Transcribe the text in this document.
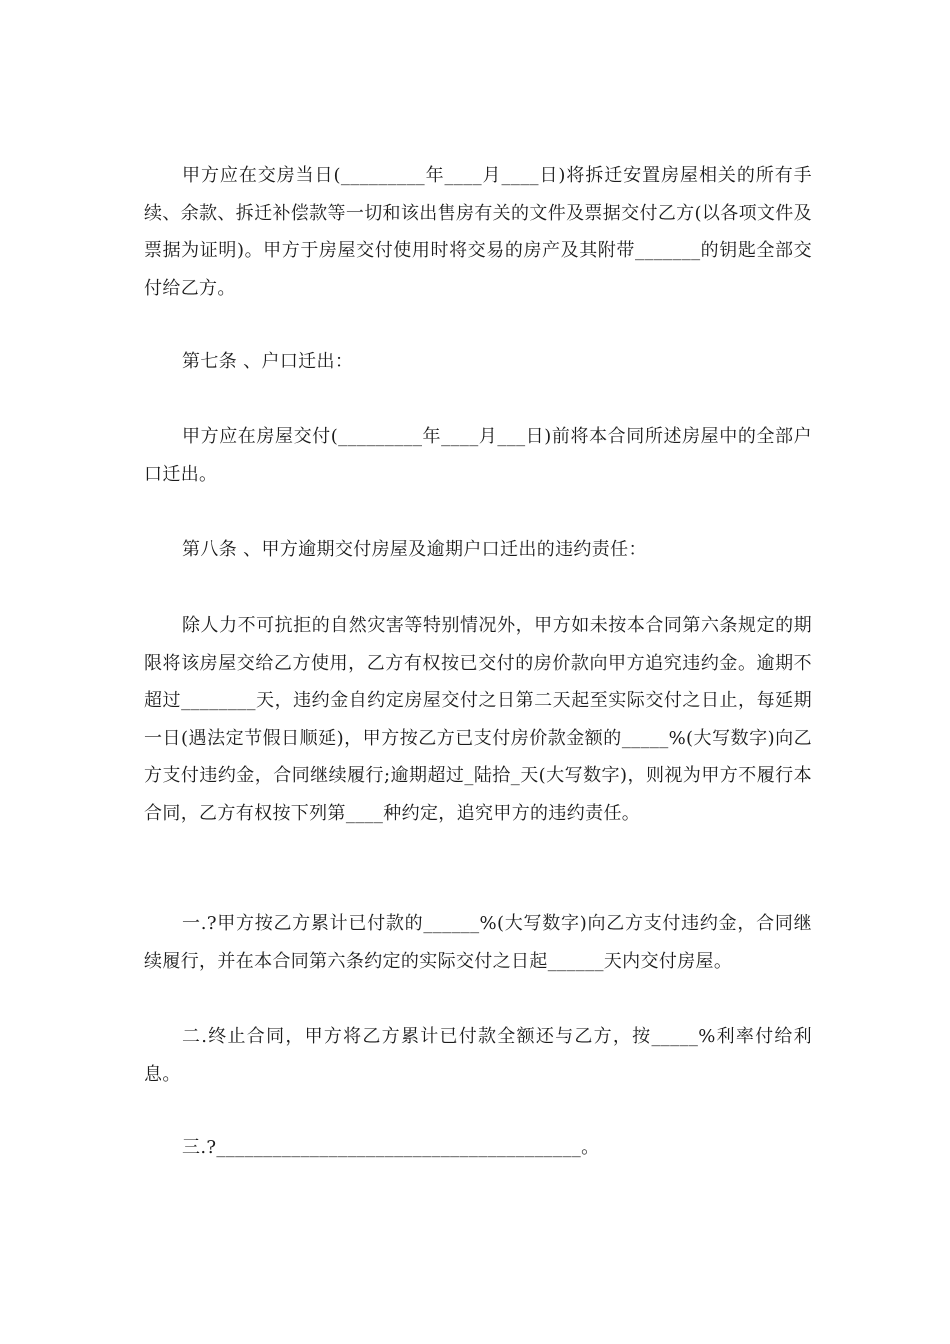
甲方应在交房当日(_________年____月____日)将拆迁安置房屋相关的所有手续、余款、拆迁补偿款等一切和该出售房有关的文件及票据交付乙方(以各项文件及票据为证明)。甲方于房屋交付使用时将交易的房产及其附带_______的钥匙全部交付给乙方。

第七条 、户口迁出：

甲方应在房屋交付(_________年____月___日)前将本合同所述房屋中的全部户口迁出。

第八条 、甲方逾期交付房屋及逾期户口迁出的违约责任：

除人力不可抗拒的自然灾害等特别情况外，甲方如未按本合同第六条规定的期限将该房屋交给乙方使用，乙方有权按已交付的房价款向甲方追究违约金。逾期不超过________天，违约金自约定房屋交付之日第二天起至实际交付之日止，每延期一日(遇法定节假日顺延)，甲方按乙方已支付房价款金额的_____%(大写数字)向乙方支付违约金，合同继续履行;逾期超过_陆拾_天(大写数字)，则视为甲方不履行本合同，乙方有权按下列第____种约定，追究甲方的违约责任。

一.?甲方按乙方累计已付款的______%(大写数字)向乙方支付违约金，合同继续履行，并在本合同第六条约定的实际交付之日起______天内交付房屋。

二.终止合同，甲方将乙方累计已付款全额还与乙方，按_____%利率付给利息。

三.?_______________________________________。
